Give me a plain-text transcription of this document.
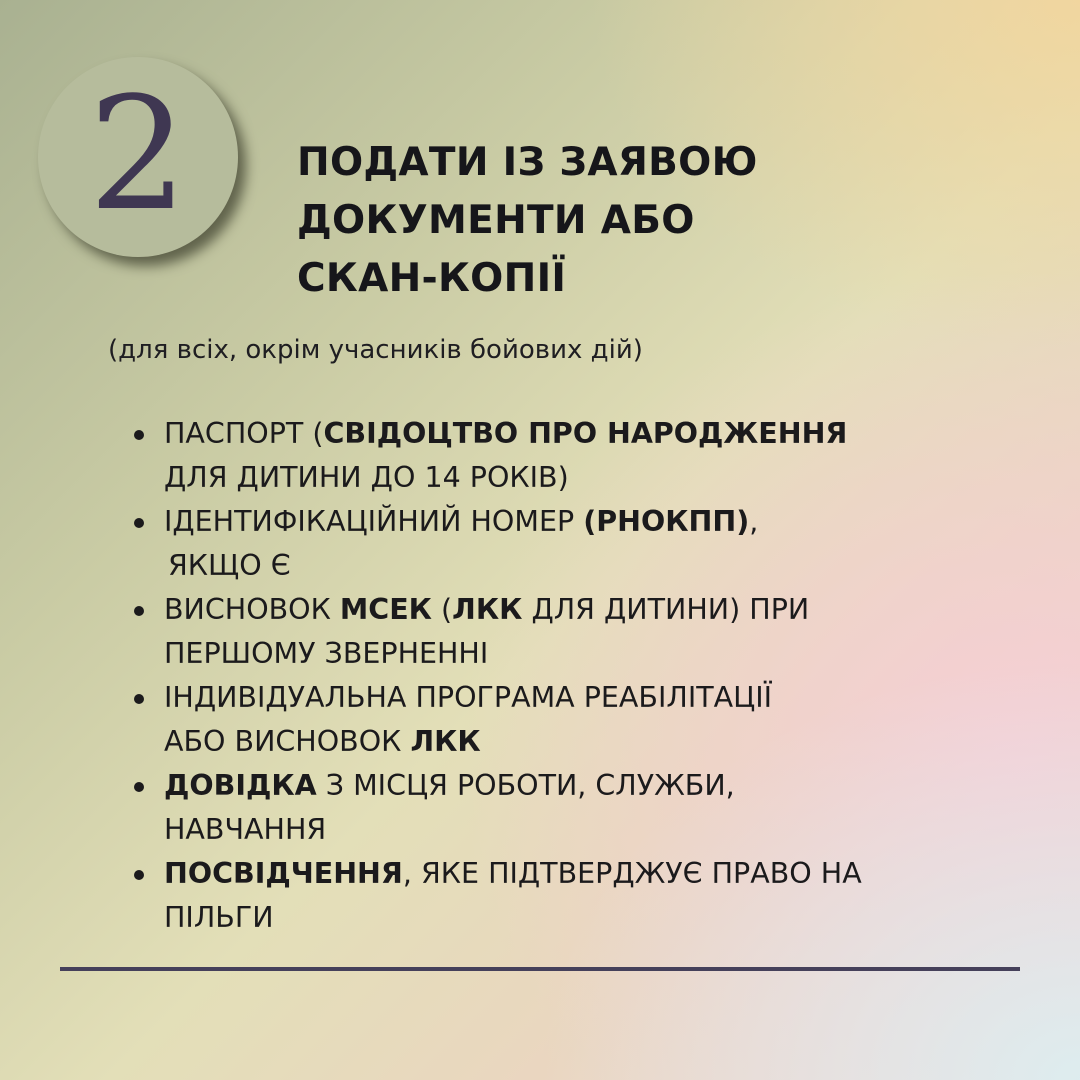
2	ПОДАТИ ІЗ ЗАЯВОЮ
ДОКУМЕНТИ АБО
СКАН-КОПІЇ

(для всіх, окрім учасників бойових дій)

ПАСПОРТ (СВІДОЦТВО ПРО НАРОДЖЕННЯ
ДЛЯ ДИТИНИ ДО 14 РОКІВ)
ІДЕНТИФІКАЦІЙНИЙ НОМЕР (РНОКПП),
ЯКЩО Є
ВИСНОВОК МСЕК (ЛКК ДЛЯ ДИТИНИ) ПРИ
ПЕРШОМУ ЗВЕРНЕННІ
ІНДИВІДУАЛЬНА ПРОГРАМА РЕАБІЛІТАЦІЇ
АБО ВИСНОВОК ЛКК
ДОВІДКА З МІСЦЯ РОБОТИ, СЛУЖБИ,
НАВЧАННЯ
ПОСВІДЧЕННЯ, ЯКЕ ПІДТВЕРДЖУЄ ПРАВО НА
ПІЛЬГИ
